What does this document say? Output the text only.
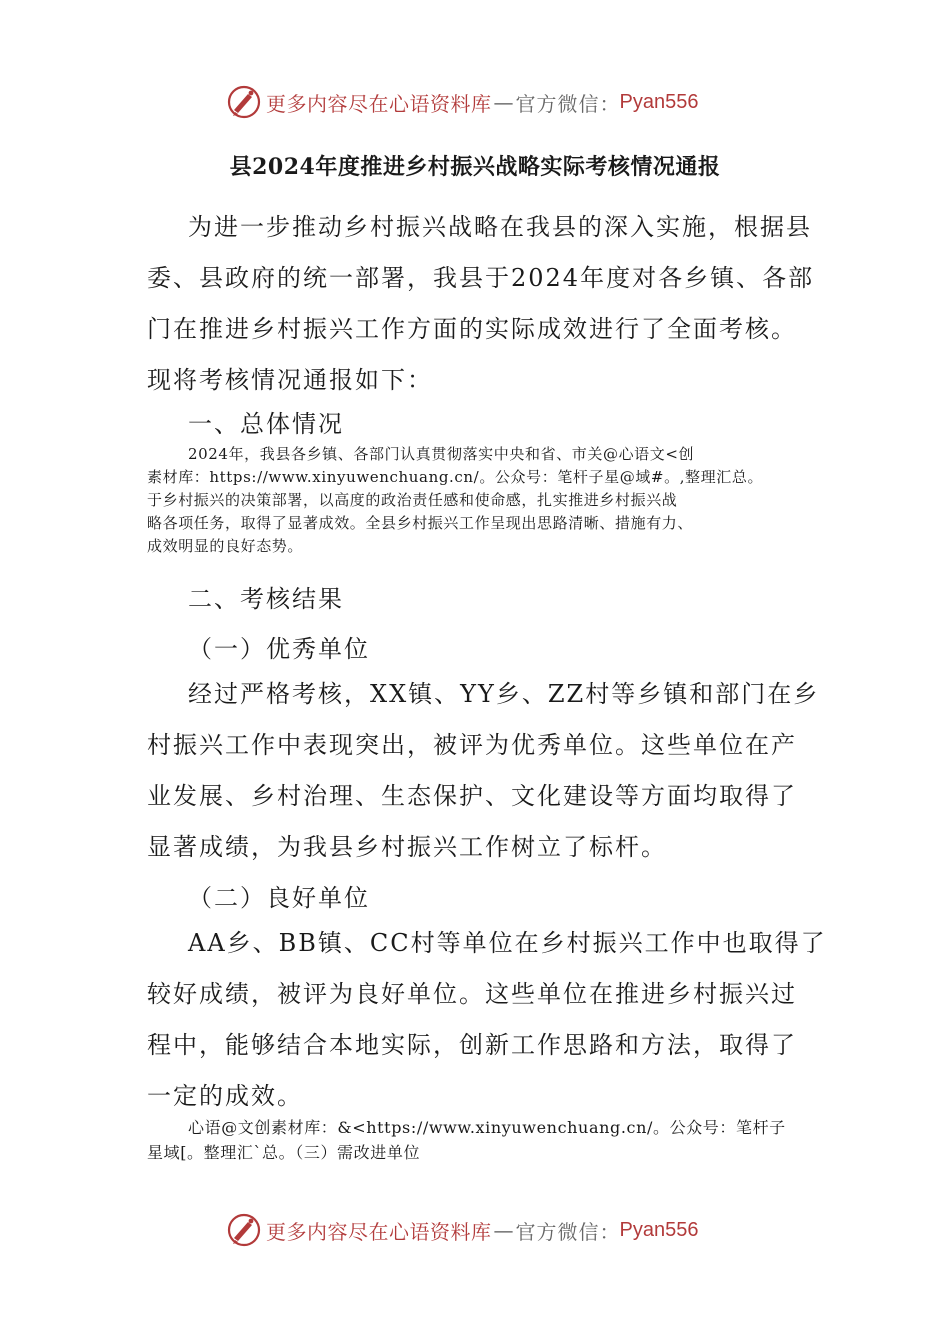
更多内容尽在心语资料库 — 官方微信 ： Pyan556
县2024年度推进乡村振兴战略实际考核情况通报
为进一步推动乡村振兴战略在我县的深入实施，根据县
委、县政府的统一部署，我县于2024年度对各乡镇、各部
门在推进乡村振兴工作方面的实际成效进行了全面考核。
现将考核情况通报如下：
一、总体情况
2024年，我县各乡镇、各部门认真贯彻落实中央和省、市关@心语文<创
素材库：https://www.xinyuwenchuang.cn/。公众号：笔杆子星@域#。,整理汇总。
于乡村振兴的决策部署，以高度的政治责任感和使命感，扎实推进乡村振兴战
略各项任务，取得了显著成效。全县乡村振兴工作呈现出思路清晰、措施有力、
成效明显的良好态势。
二、考核结果
（一）优秀单位
经过严格考核，XX镇、YY乡、ZZ村等乡镇和部门在乡
村振兴工作中表现突出，被评为优秀单位。这些单位在产
业发展、乡村治理、生态保护、文化建设等方面均取得了
显著成绩，为我县乡村振兴工作树立了标杆。
（二）良好单位
AA乡、BB镇、CC村等单位在乡村振兴工作中也取得了
较好成绩，被评为良好单位。这些单位在推进乡村振兴过
程中，能够结合本地实际，创新工作思路和方法，取得了
一定的成效。
心语@文创素材库：&<https://www.xinyuwenchuang.cn/。公众号：笔杆子
星域[。整理汇`总。（三）需改进单位
更多内容尽在心语资料库 — 官方微信 ： Pyan556
